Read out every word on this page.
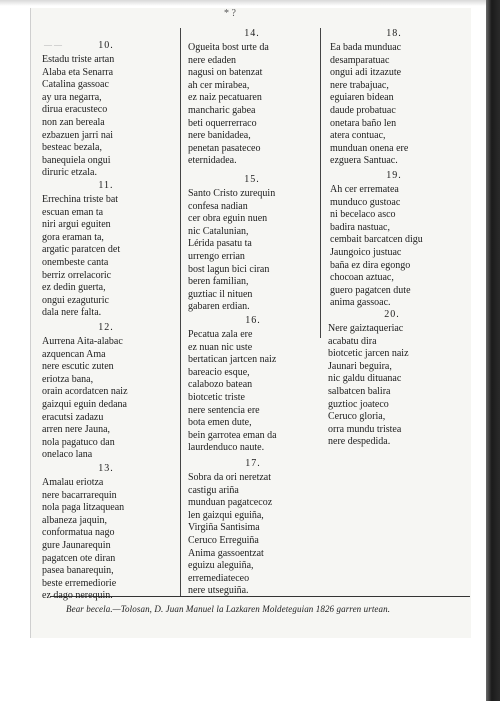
* ?
――	10.
Estadu triste artan
Alaba eta Senarra
Catalina gassoac
ay ura negarra,
dirua eracusteco
non zan bereala
ezbazuen jarri nai
besteac bezala,
banequiela ongui
diruric etzala.
11.
Errechina triste bat
escuan eman ta
niri argui eguiten
gora eraman ta,
argatic paratcen det
onembeste canta
berriz orrelacoric
ez dedin guerta,
ongui ezaguturic
dala nere falta.
12.
Aurrena Aita-alabac
azquencan Ama
nere escutic zuten
eriotza bana,
orain acordatcen naiz
gaizqui eguin dedana
eracutsi zadazu
arren nere Jauna,
nola pagatuco dan
onelaco lana
13.
Amalau eriotza
nere bacarrarequin
nola paga litzaquean
albaneza jaquin,
conformatua nago
gure Jaunarequin
pagatcen ote diran
pasea banarequin,
beste erremediorie
ez dago nerequin.
14.
Ogueita bost urte da
nere edaden
nagusi on batenzat
ah cer mirabea,
ez naiz pecatuaren
mancharic gabea
beti oquerrerraco
nere banidadea,
penetan pasateceo
eternidadea.
15.
Santo Cristo zurequin
confesa nadian
cer obra eguin nuen
nic Catalunian,
Lérida pasatu ta
urrengo errian
bost lagun bici ciran
beren familian,
guztiac il nituen
gabaren erdian.
16.
Pecatua zala ere
ez nuan nic uste
bertatican jartcen naiz
bareacio esque,
calabozo batean
biotcetic triste
nere sentencia ere
bota emen dute,
bein garrotea eman da
laurdenduco naute.
17.
Sobra da ori neretzat
castigu ariña
munduan pagatcecoz
len gaizqui eguiña,
Virgiña Santisima
Ceruco Erreguiña
Anima gassoentzat
eguizu aleguiña,
erremediateceo
nere utseguiña.
18.
Ea bada munduac
desamparatuac
ongui adi itzazute
nere trabajuac,
eguiaren bidean
daude probatuac
onetara baño len
atera contuac,
munduan onena ere
ezguera Santuac.
19.
Ah cer erremateа
munduco gustoac
ni becelaco asco
badira nastuac,
cembait barcatcen digu
Jaungoico justuac
baña ez dira egongo
chocoan aztuac,
guero pagatcen dute
anima gassoac.
20.
Nere gaiztaqueriac
acabatu dira
biotcetic jarcen naiz
Jaunari beguira,
nic galdu dituanac
salbatcen balira
guztioc joateco
Ceruco gloria,
orra mundu tristea
nere despedida.
Bear becela.—Tolosan, D. Juan Manuel la Lazkaren Moldeteguian 1826 garren urtean.
